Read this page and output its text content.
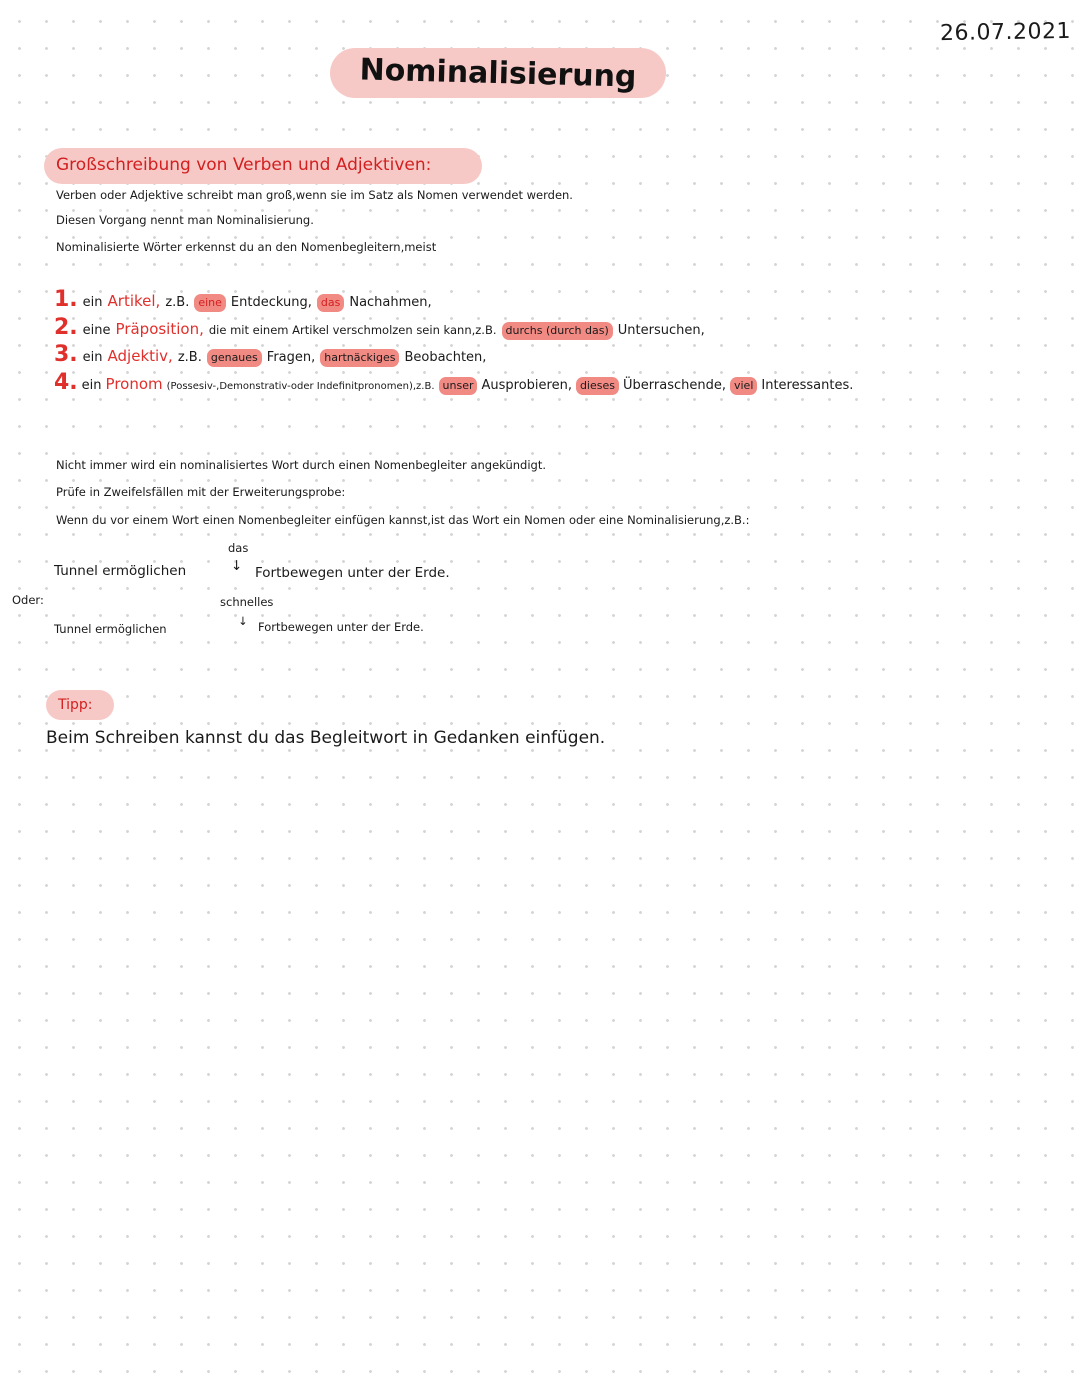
26.07.2021
Nominalisierung
Großschreibung von Verben und Adjektiven:
Verben oder Adjektive schreibt man groß,wenn sie im Satz als Nomen verwendet werden.
Diesen Vorgang nennt man Nominalisierung.
Nominalisierte Wörter erkennst du an den Nomenbegleitern,meist
1. ein Artikel, z.B. eine Entdeckung, das Nachahmen,
2. eine Präposition, die mit einem Artikel verschmolzen sein kann,z.B. durchs (durch das) Untersuchen,
3. ein Adjektiv, z.B. genaues Fragen, hartnäckiges Beobachten,
4. ein Pronom (Possesiv-,Demonstrativ-oder Indefinitpronomen),z.B. unser Ausprobieren, dieses Überraschende, viel Interessantes.
Nicht immer wird ein nominalisiertes Wort durch einen Nomenbegleiter angekündigt.
Prüfe in Zweifelsfällen mit der Erweiterungsprobe:
Wenn du vor einem Wort einen Nomenbegleiter einfügen kannst,ist das Wort ein Nomen oder eine Nominalisierung,z.B.:
das
Tunnel ermöglichen	↓ Fortbewegen unter der Erde.
Oder:	schnelles
Tunnel ermöglichen
↓ Fortbewegen unter der Erde.
Tipp:
Beim Schreiben kannst du das Begleitwort in Gedanken einfügen.
